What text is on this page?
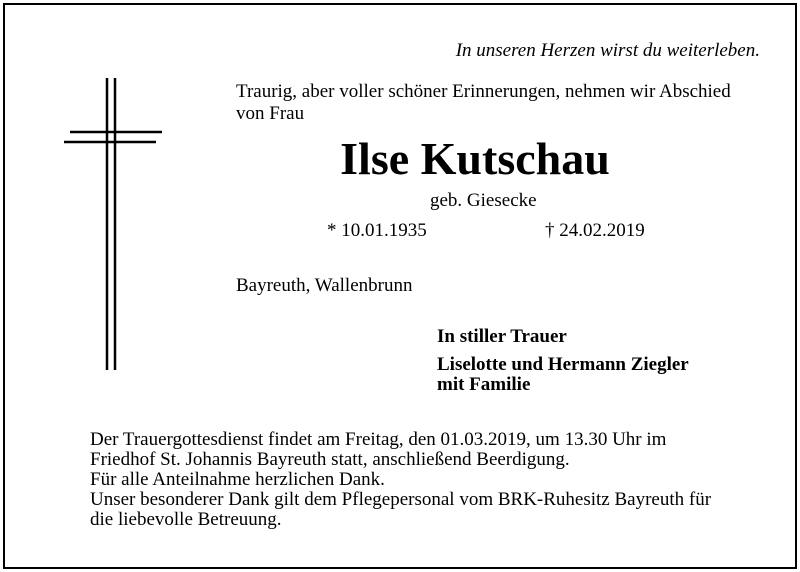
In unseren Herzen wirst du weiterleben.
Traurig, aber voller schöner Erinnerungen, nehmen wir Abschied
von Frau
Ilse Kutschau
geb. Giesecke
* 10.01.1935	† 24.02.2019
Bayreuth, Wallenbrunn
In stiller Trauer
Liselotte und Hermann Ziegler
mit Familie
Der Trauergottesdienst findet am Freitag, den 01.03.2019, um 13.30 Uhr im
Friedhof St. Johannis Bayreuth statt, anschließend Beerdigung.
Für alle Anteilnahme herzlichen Dank.
Unser besonderer Dank gilt dem Pflegepersonal vom BRK-Ruhesitz Bayreuth für
die liebevolle Betreuung.
